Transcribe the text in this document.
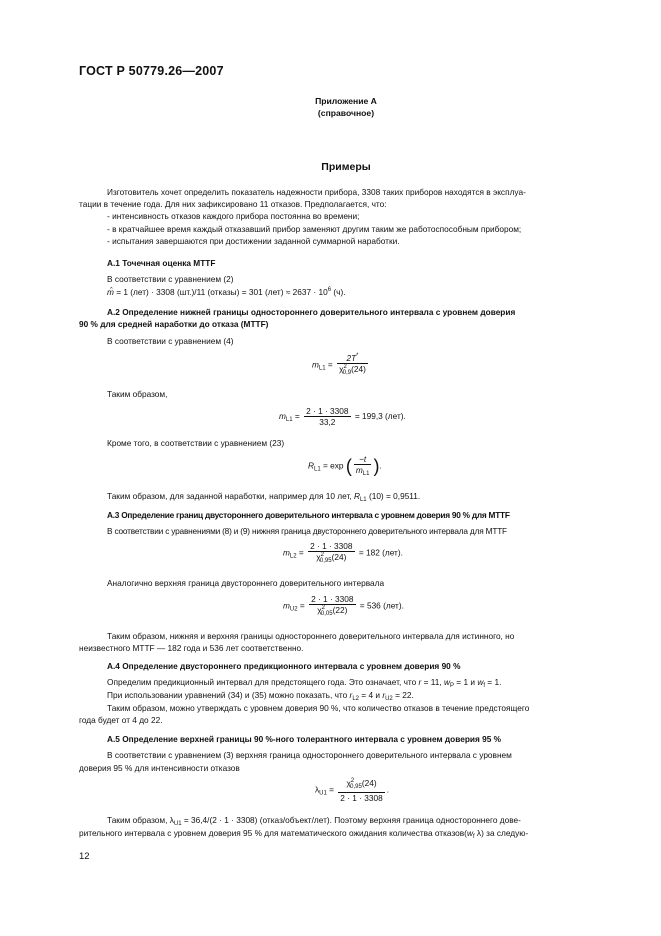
ГОСТ Р 50779.26—2007
Приложение А
(справочное)
Примеры
Изготовитель хочет определить показатель надежности прибора, 3308 таких приборов находятся в эксплуа-
тации в течение года. Для них зафиксировано 11 отказов. Предполагается, что:
- интенсивность отказов каждого прибора постоянна во времени;
- в кратчайшее время каждый отказавший прибор заменяют другим таким же работоспособным прибором;
- испытания завершаются при достижении заданной суммарной наработки.
А.1 Точечная оценка МТТF
В соответствии с уравнением (2)
m̂ = 1 (лет) · 3308 (шт.)/11 (отказы) = 301 $(лет) \approx 2637 \cdot 10^6$ (ч).
А.2 Определение нижней границы одностороннего доверительного интервала с уровнем доверия
90 % для средней наработки до отказа (МТТF)
В соответствии с уравнением (4)
$m_{L1} = \frac{2T^*}{\chi^2_{0,9}(24)}$
Таким образом,
$m_{L1} = \frac{2 \cdot 1 \cdot 3308}{33,2} = 199,3$ (лет).
Кроме того, в соответствии с уравнением (23)
$R_{L1} = \exp$ ( $\frac{-t}{m_{L1}}$ ).
Таким образом, для заданной наработки, например для 10 лет, $R_{L1}$ (10) = 0,9511.
А.3 Определение границ двустороннего доверительного интервала с уровнем доверия 90 % для МТТF
В соответствии с уравнениями (8) и (9) нижняя граница двустороннего доверительного интервала для МТТF
$m_{L2} = \frac{2 \cdot 1 \cdot 3308}{\chi^2_{0,95}(24)} = 182$ (лет).
Аналогично верхняя граница двустороннего доверительного интервала
$m_{U2} = \frac{2 \cdot 1 \cdot 3308}{\chi^2_{0,05}(22)} = 536$ (лет).
Таким образом, нижняя и верхняя границы одностороннего доверительного интервала для истинного, но
неизвестного МТТF — 182 года и 536 лет соответственно.
А.4 Определение двустороннего предикционного интервала с уровнем доверия 90 %
Определим предикционный интервал для предстоящего года. Это означает, что r = 11, $w_P = 1$ и $w_f = 1$.
При использовании уравнений (34) и (35) можно показать, что $r_{L2} = 4$ и $r_{U2} = 22$.
Таким образом, можно утверждать с уровнем доверия 90 %, что количество отказов в течение предстоящего
года будет от 4 до 22.
А.5 Определение верхней границы 90 %-ного толерантного интервала с уровнем доверия 95 %
В соответствии с уравнением (3) верхняя граница одностороннего доверительного интервала с уровнем
доверия 95 % для интенсивности отказов
$\lambda_{U1} = \frac{\chi^2_{0,95}(24)}{2 \cdot 1 \cdot 3308}$ .
Таким образом, $\lambda_{U1} = 36,4/(2 \cdot 1 \cdot 3308)$ (отказ/объект/лет). Поэтому верхняя граница одностороннего дове-
рительного интервала с уровнем доверия 95 % для математического ожидания количества $отказов(w_f$ λ) за следую-
12
